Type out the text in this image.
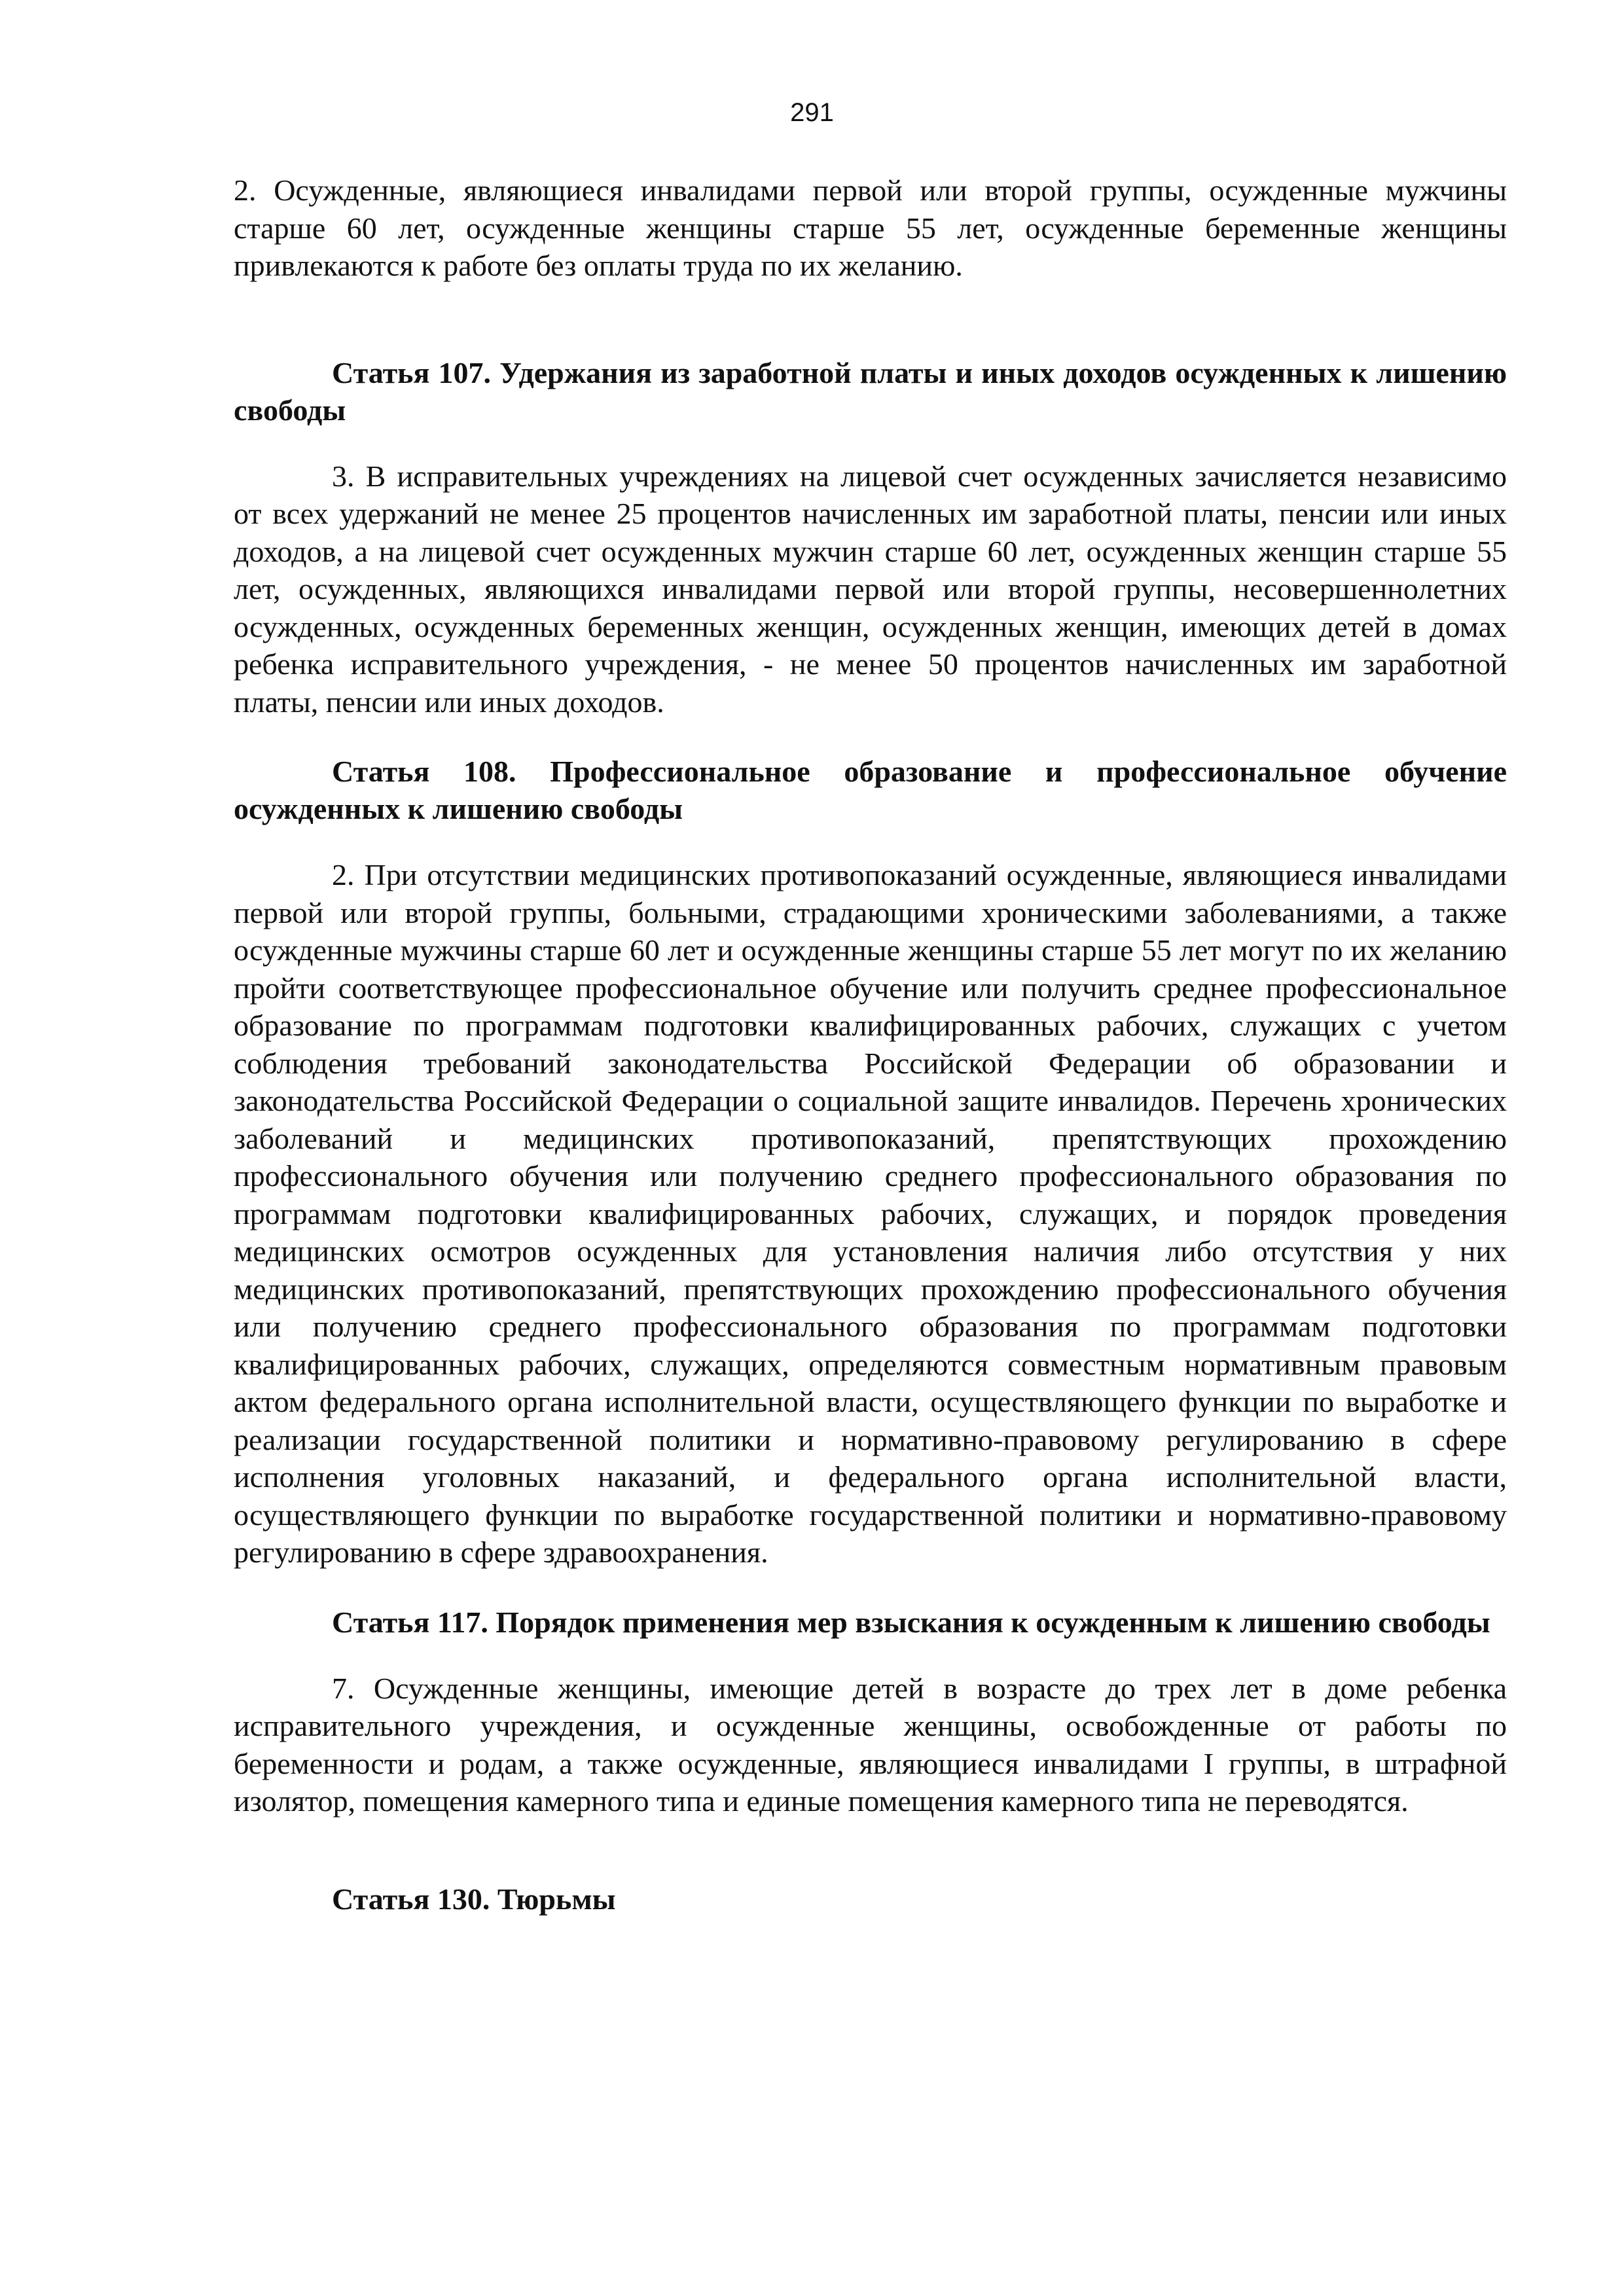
291

2. Осужденные, являющиеся инвалидами первой или второй группы, осужденные мужчины старше 60 лет, осужденные женщины старше 55 лет, осужденные беременные женщины привлекаются к работе без оплаты труда по их желанию.

Статья 107. Удержания из заработной платы и иных доходов осужденных к лишению свободы

3. В исправительных учреждениях на лицевой счет осужденных зачисляется независимо от всех удержаний не менее 25 процентов начисленных им заработной платы, пенсии или иных доходов, а на лицевой счет осужденных мужчин старше 60 лет, осужденных женщин старше 55 лет, осужденных, являющихся инвалидами первой или второй группы, несовершеннолетних осужденных, осужденных беременных женщин, осужденных женщин, имеющих детей в домах ребенка исправительного учреждения, - не менее 50 процентов начисленных им заработной платы, пенсии или иных доходов.

Статья 108. Профессиональное образование и профессиональное обучение осужденных к лишению свободы

2. При отсутствии медицинских противопоказаний осужденные, являющиеся инвалидами первой или второй группы, больными, страдающими хроническими заболеваниями, а также осужденные мужчины старше 60 лет и осужденные женщины старше 55 лет могут по их желанию пройти соответствующее профессиональное обучение или получить среднее профессиональное образование по программам подготовки квалифицированных рабочих, служащих с учетом соблюдения требований законодательства Российской Федерации об образовании и законодательства Российской Федерации о социальной защите инвалидов. Перечень хронических заболеваний и медицинских противопоказаний, препятствующих прохождению профессионального обучения или получению среднего профессионального образования по программам подготовки квалифицированных рабочих, служащих, и порядок проведения медицинских осмотров осужденных для установления наличия либо отсутствия у них медицинских противопоказаний, препятствующих прохождению профессионального обучения или получению среднего профессионального образования по программам подготовки квалифицированных рабочих, служащих, определяются совместным нормативным правовым актом федерального органа исполнительной власти, осуществляющего функции по выработке и реализации государственной политики и нормативно-правовому регулированию в сфере исполнения уголовных наказаний, и федерального органа исполнительной власти, осуществляющего функции по выработке государственной политики и нормативно-правовому регулированию в сфере здравоохранения.

Статья 117. Порядок применения мер взыскания к осужденным к лишению свободы

7. Осужденные женщины, имеющие детей в возрасте до трех лет в доме ребенка исправительного учреждения, и осужденные женщины, освобожденные от работы по беременности и родам, а также осужденные, являющиеся инвалидами I группы, в штрафной изолятор, помещения камерного типа и единые помещения камерного типа не переводятся.

Статья 130. Тюрьмы
